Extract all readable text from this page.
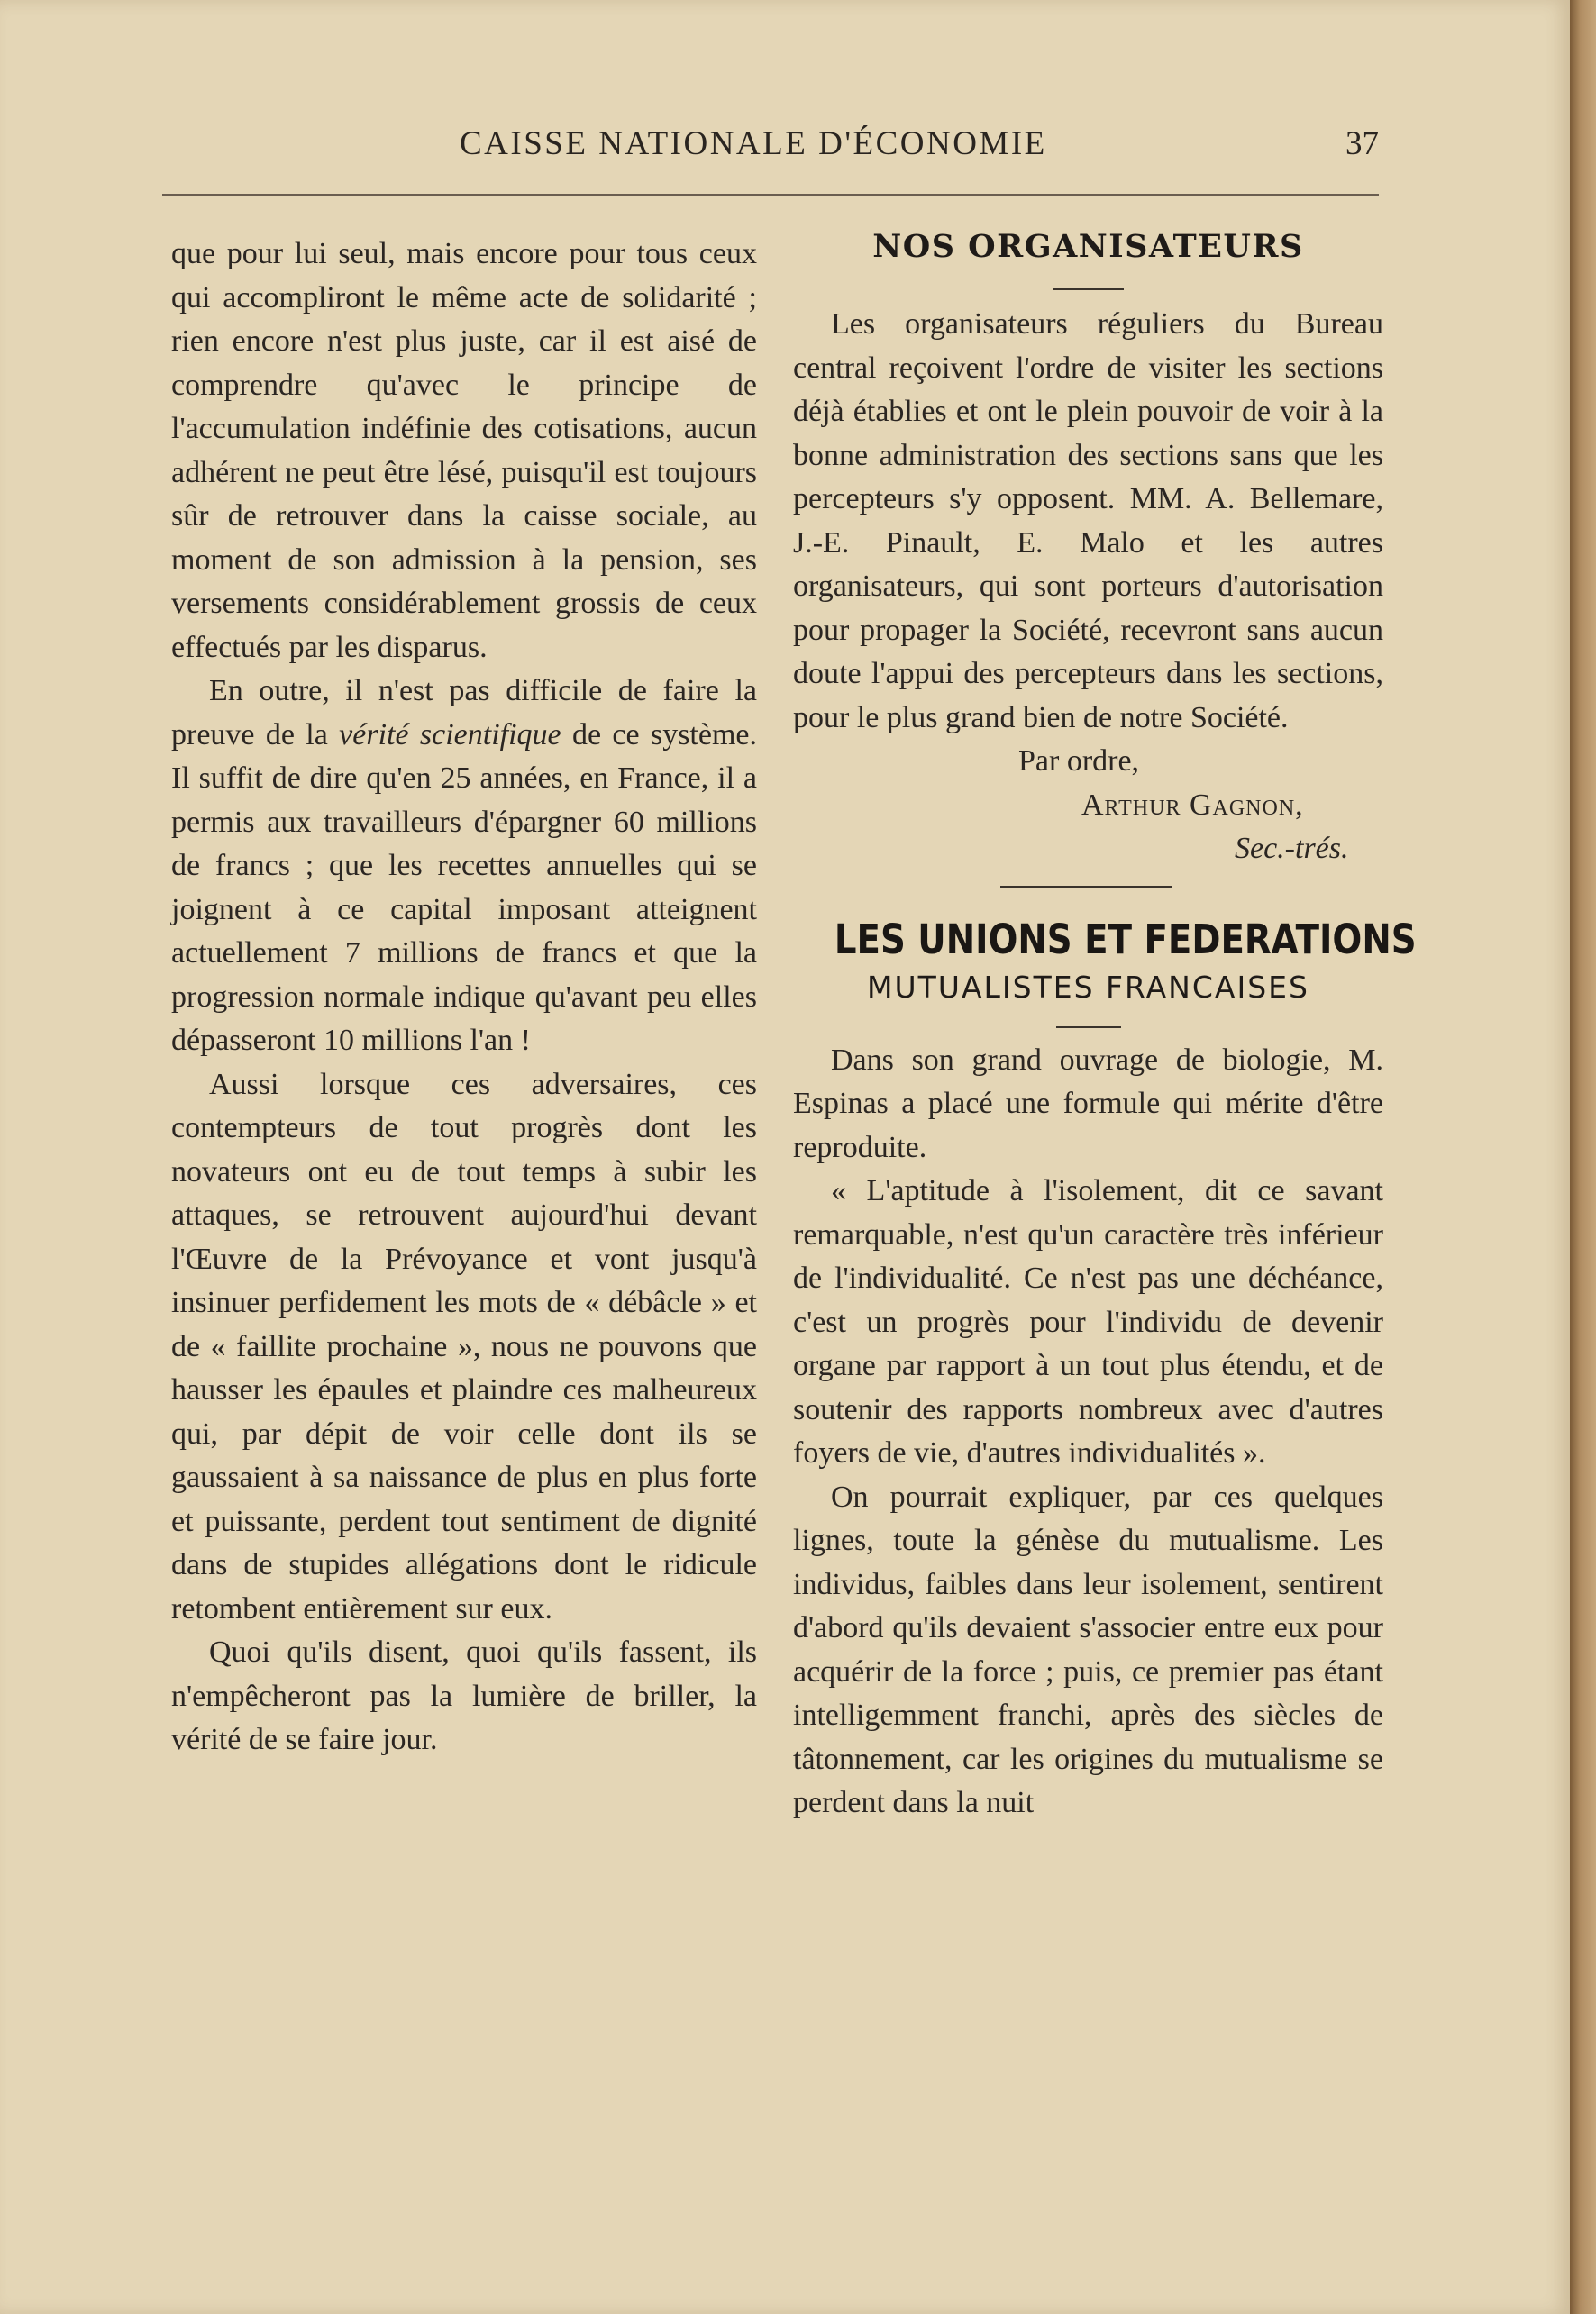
CAISSE NATIONALE D'ÉCONOMIE	37

que pour lui seul, mais encore pour tous ceux qui accompliront le même acte de solidarité ; rien encore n'est plus juste, car il est aisé de comprendre qu'avec le principe de l'accumulation indéfinie des cotisations, aucun adhérent ne peut être lésé, puisqu'il est toujours sûr de retrouver dans la caisse sociale, au moment de son admission à la pension, ses versements considérablement grossis de ceux effectués par les disparus.

En outre, il n'est pas difficile de faire la preuve de la vérité scientifique de ce système. Il suffit de dire qu'en 25 années, en France, il a permis aux travailleurs d'épargner 60 millions de francs ; que les recettes annuelles qui se joignent à ce capital imposant atteignent actuellement 7 millions de francs et que la progression normale indique qu'avant peu elles dépasseront 10 millions l'an !

Aussi lorsque ces adversaires, ces contempteurs de tout progrès dont les novateurs ont eu de tout temps à subir les attaques, se retrouvent aujourd'hui devant l'Œuvre de la Prévoyance et vont jusqu'à insinuer perfidement les mots de « débâcle » et de « faillite prochaine », nous ne pouvons que hausser les épaules et plaindre ces malheureux qui, par dépit de voir celle dont ils se gaussaient à sa naissance de plus en plus forte et puissante, perdent tout sentiment de dignité dans de stupides allégations dont le ridicule retombent entièrement sur eux.

Quoi qu'ils disent, quoi qu'ils fassent, ils n'empêcheront pas la lumière de briller, la vérité de se faire jour.

NOS ORGANISATEURS

Les organisateurs réguliers du Bureau central reçoivent l'ordre de visiter les sections déjà établies et ont le plein pouvoir de voir à la bonne administration des sections sans que les percepteurs s'y opposent. MM. A. Bellemare, J.-E. Pinault, E. Malo et les autres organisateurs, qui sont porteurs d'autorisation pour propager la Société, recevront sans aucun doute l'appui des percepteurs dans les sections, pour le plus grand bien de notre Société.

Par ordre,
Arthur Gagnon,
Sec.-trés.
LES UNIONS ET FEDERATIONS
MUTUALISTES FRANCAISES

Dans son grand ouvrage de biologie, M. Espinas a placé une formule qui mérite d'être reproduite.

« L'aptitude à l'isolement, dit ce savant remarquable, n'est qu'un caractère très inférieur de l'individualité. Ce n'est pas une déchéance, c'est un progrès pour l'individu de devenir organe par rapport à un tout plus étendu, et de soutenir des rapports nombreux avec d'autres foyers de vie, d'autres individualités ».

On pourrait expliquer, par ces quelques lignes, toute la génèse du mutualisme. Les individus, faibles dans leur isolement, sentirent d'abord qu'ils devaient s'associer entre eux pour acquérir de la force ; puis, ce premier pas étant intelligemment franchi, après des siècles de tâtonnement, car les origines du mutualisme se perdent dans la nuit
